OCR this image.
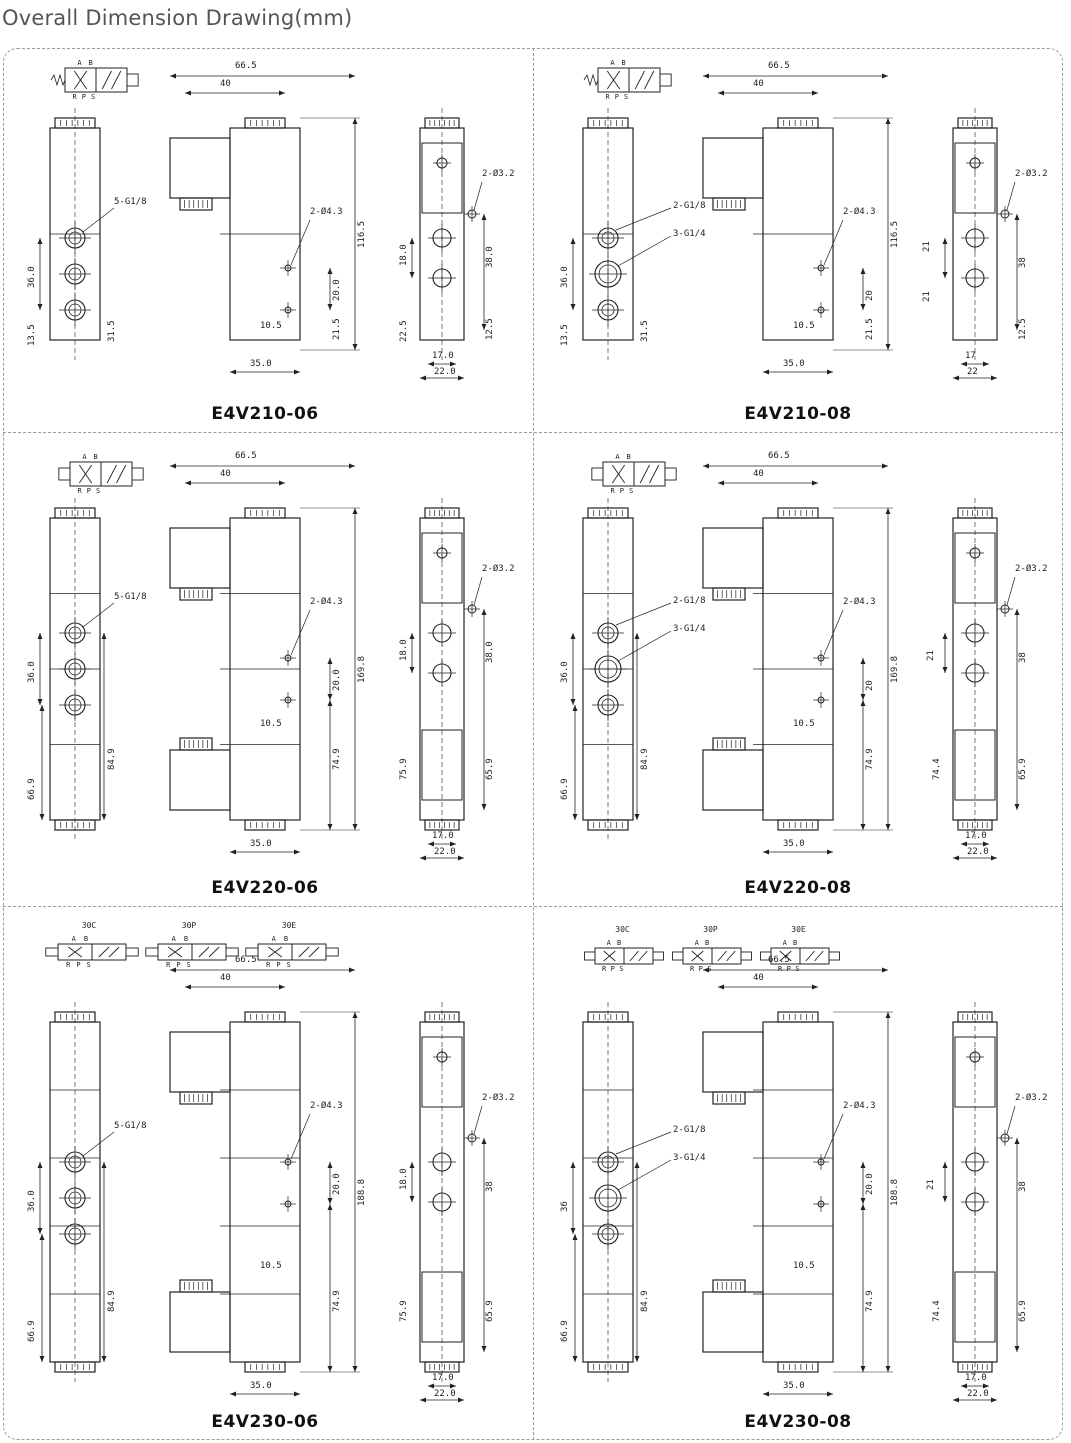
Overall Dimension Drawing(mm)
A B
R P S
5-G1/8
36.0
13.5	31.5
66.5
40
116.5
2-Ø4.3
20.0
21.5
10.5
35.0
2-Ø3.2
18.0	38.0
22.5	12.5
17.0
22.0
E4V210-06
A B
R P S
2-G1/8
3-G1/4
36.0
13.5	31.5
66.5
40
116.5
2-Ø4.3
20
21.5
10.5
35.0
2-Ø3.2
21
21
38
12.5
17
22
E4V210-08
A B
R P S
5-G1/8
36.0
66.9
84.9
66.5
40
169.8
2-Ø4.3
20.0
74.9
10.5
35.0
2-Ø3.2
18.0	38.0
75.9	65.9
17.0
22.0
E4V220-06
A B
R P S
2-G1/8
3-G1/4
36.0
66.9
84.9
66.5
40
169.8
2-Ø4.3
20
74.9
10.5
35.0
2-Ø3.2
21	38
74.4	65.9
17.0
22.0
E4V220-08
A B
R P S
30C
A B
R P S
30P
A B
R P S
30E
5-G1/8
36.0
66.9
84.9
66.5
40
188.8
2-Ø4.3
20.0
74.9
10.5
35.0
2-Ø3.2
18.0	38
75.9	65.9
17.0
22.0
E4V230-06
A B
R P S
30C
A B
R P S
30P
A B
R P S
30E
2-G1/8
3-G1/4
36
66.9
84.9
66.5
40
188.8
2-Ø4.3
20.0
74.9
10.5
35.0
2-Ø3.2
21	38
74.4	65.9
17.0
22.0
E4V230-08
